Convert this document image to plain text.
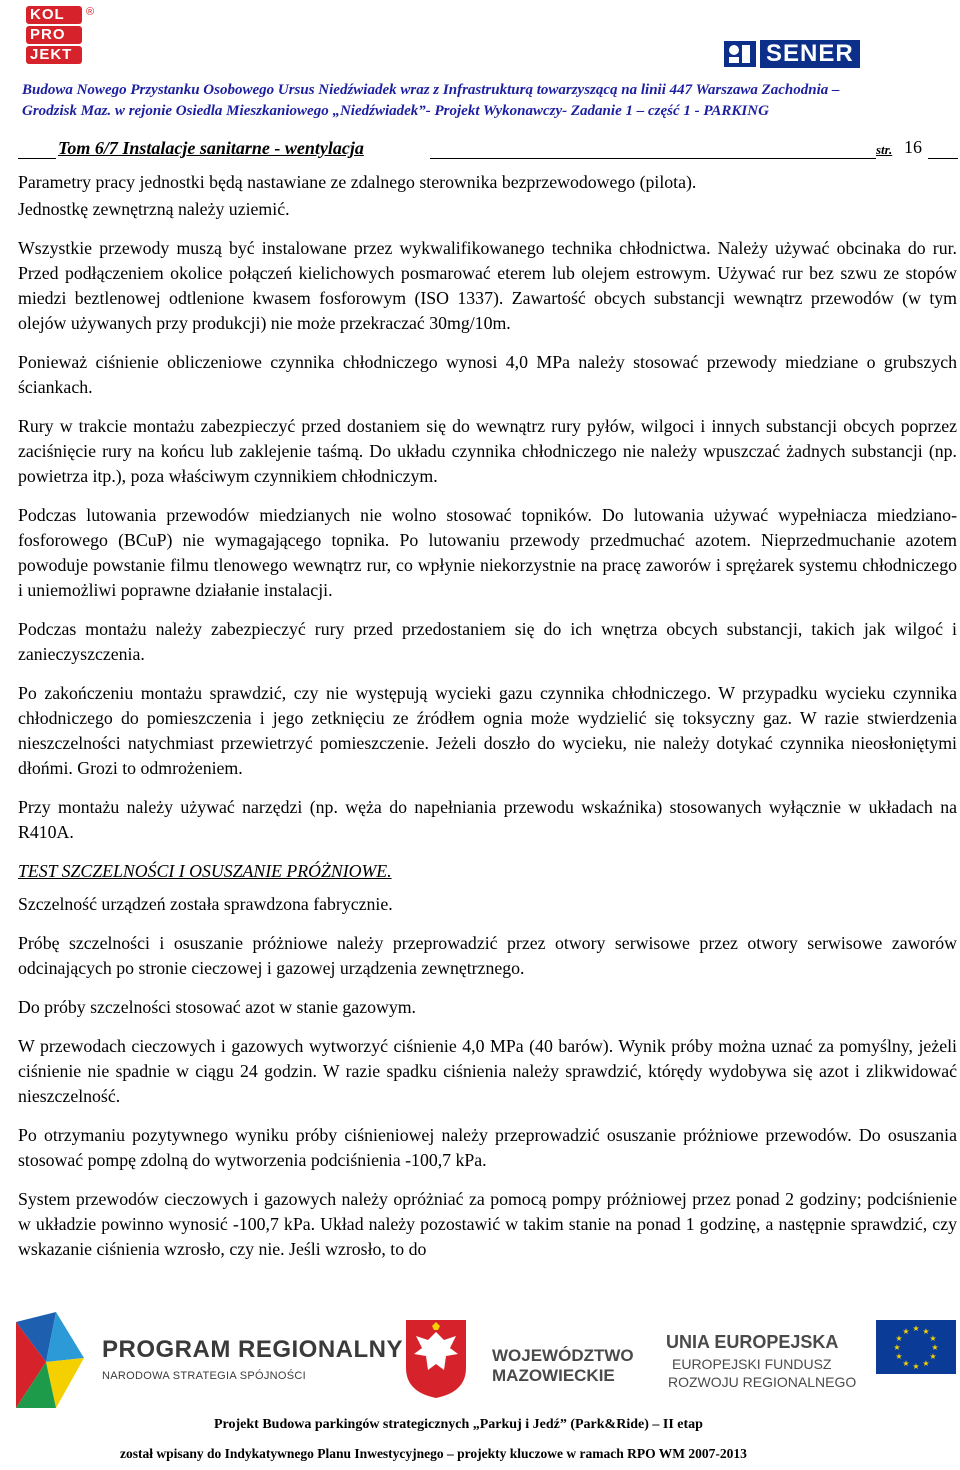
KOL
PRO
JEKT
®
SENER
Budowa Nowego Przystanku Osobowego Ursus Niedźwiadek wraz z Infrastrukturą towarzyszącą na linii 447 Warszawa Zachodnia –
Grodzisk Maz. w rejonie Osiedla Mieszkaniowego „Niedźwiadek”- Projekt Wykonawczy- Zadanie 1 – część 1 - PARKING
Tom 6/7 Instalacje sanitarne - wentylacja	str. 16

Parametry pracy jednostki będą nastawiane ze zdalnego sterownika bezprzewodowego (pilota).

Jednostkę zewnętrzną należy uziemić.

Wszystkie przewody muszą być instalowane przez wykwalifikowanego technika chłodnictwa. Należy używać obcinaka do rur. Przed podłączeniem okolice połączeń kielichowych posmarować eterem lub olejem estrowym. Używać rur bez szwu ze stopów miedzi beztlenowej odtlenione kwasem fosforowym (ISO 1337). Zawartość obcych substancji wewnątrz przewodów (w tym olejów używanych przy produkcji) nie może przekraczać 30mg/10m.

Ponieważ ciśnienie obliczeniowe czynnika chłodniczego wynosi 4,0 MPa należy stosować przewody miedziane o grubszych ściankach.

Rury w trakcie montażu zabezpieczyć przed dostaniem się do wewnątrz rury pyłów, wilgoci i innych substancji obcych poprzez zaciśnięcie rury na końcu lub zaklejenie taśmą. Do układu czynnika chłodniczego nie należy wpuszczać żadnych substancji (np. powietrza itp.), poza właściwym czynnikiem chłodniczym.

Podczas lutowania przewodów miedzianych nie wolno stosować topników. Do lutowania używać wypełniacza miedziano-fosforowego (BCuP) nie wymagającego topnika. Po lutowaniu przewody przedmuchać azotem. Nieprzedmuchanie azotem powoduje powstanie filmu tlenowego wewnątrz rur, co wpłynie niekorzystnie na pracę zaworów i sprężarek systemu chłodniczego i uniemożliwi poprawne działanie instalacji.

Podczas montażu należy zabezpieczyć rury przed przedostaniem się do ich wnętrza obcych substancji, takich jak wilgoć i zanieczyszczenia.

Po zakończeniu montażu sprawdzić, czy nie występują wycieki gazu czynnika chłodniczego. W przypadku wycieku czynnika chłodniczego do pomieszczenia i jego zetknięciu ze źródłem ognia może wydzielić się toksyczny gaz. W razie stwierdzenia nieszczelności natychmiast przewietrzyć pomieszczenie. Jeżeli doszło do wycieku, nie należy dotykać czynnika nieosłoniętymi dłońmi. Grozi to odmrożeniem.

Przy montażu należy używać narzędzi (np. węża do napełniania przewodu wskaźnika) stosowanych wyłącznie w układach na R410A.

TEST SZCZELNOŚCI I OSUSZANIE PRÓŻNIOWE.

Szczelność urządzeń została sprawdzona fabrycznie.

Próbę szczelności i osuszanie próżniowe należy przeprowadzić przez otwory serwisowe przez otwory serwisowe zaworów odcinających po stronie cieczowej i gazowej urządzenia zewnętrznego.

Do próby szczelności stosować azot w stanie gazowym.

W przewodach cieczowych i gazowych wytworzyć ciśnienie 4,0 MPa (40 barów). Wynik próby można uznać za pomyślny, jeżeli ciśnienie nie spadnie w ciągu 24 godzin. W razie spadku ciśnienia należy sprawdzić, którędy wydobywa się azot i zlikwidować nieszczelność.

Po otrzymaniu pozytywnego wyniku próby ciśnieniowej należy przeprowadzić osuszanie próżniowe przewodów. Do osuszania stosować pompę zdolną do wytworzenia podciśnienia -100,7 kPa.

System przewodów cieczowych i gazowych należy opróżniać za pomocą pompy próżniowej przez ponad 2 godziny; podciśnienie w układzie powinno wynosić -100,7 kPa. Układ należy pozostawić w takim stanie na ponad 1 godzinę, a następnie sprawdzić, czy wskazanie ciśnienia wzrosło, czy nie. Jeśli wzrosło, to do

PROGRAM REGIONALNY
NARODOWA STRATEGIA SPÓJNOŚCI
WOJEWÓDZTWO
MAZOWIECKIE
UNIA EUROPEJSKA
EUROPEJSKI FUNDUSZ
ROZWOJU REGIONALNEGO
★ ★
★
★
★
★
★
★
★
★
★
★
Projekt Budowa parkingów strategicznych „Parkuj i Jedź” (Park&Ride) – II etap
został wpisany do Indykatywnego Planu Inwestycyjnego – projekty kluczowe w ramach RPO WM 2007-2013
